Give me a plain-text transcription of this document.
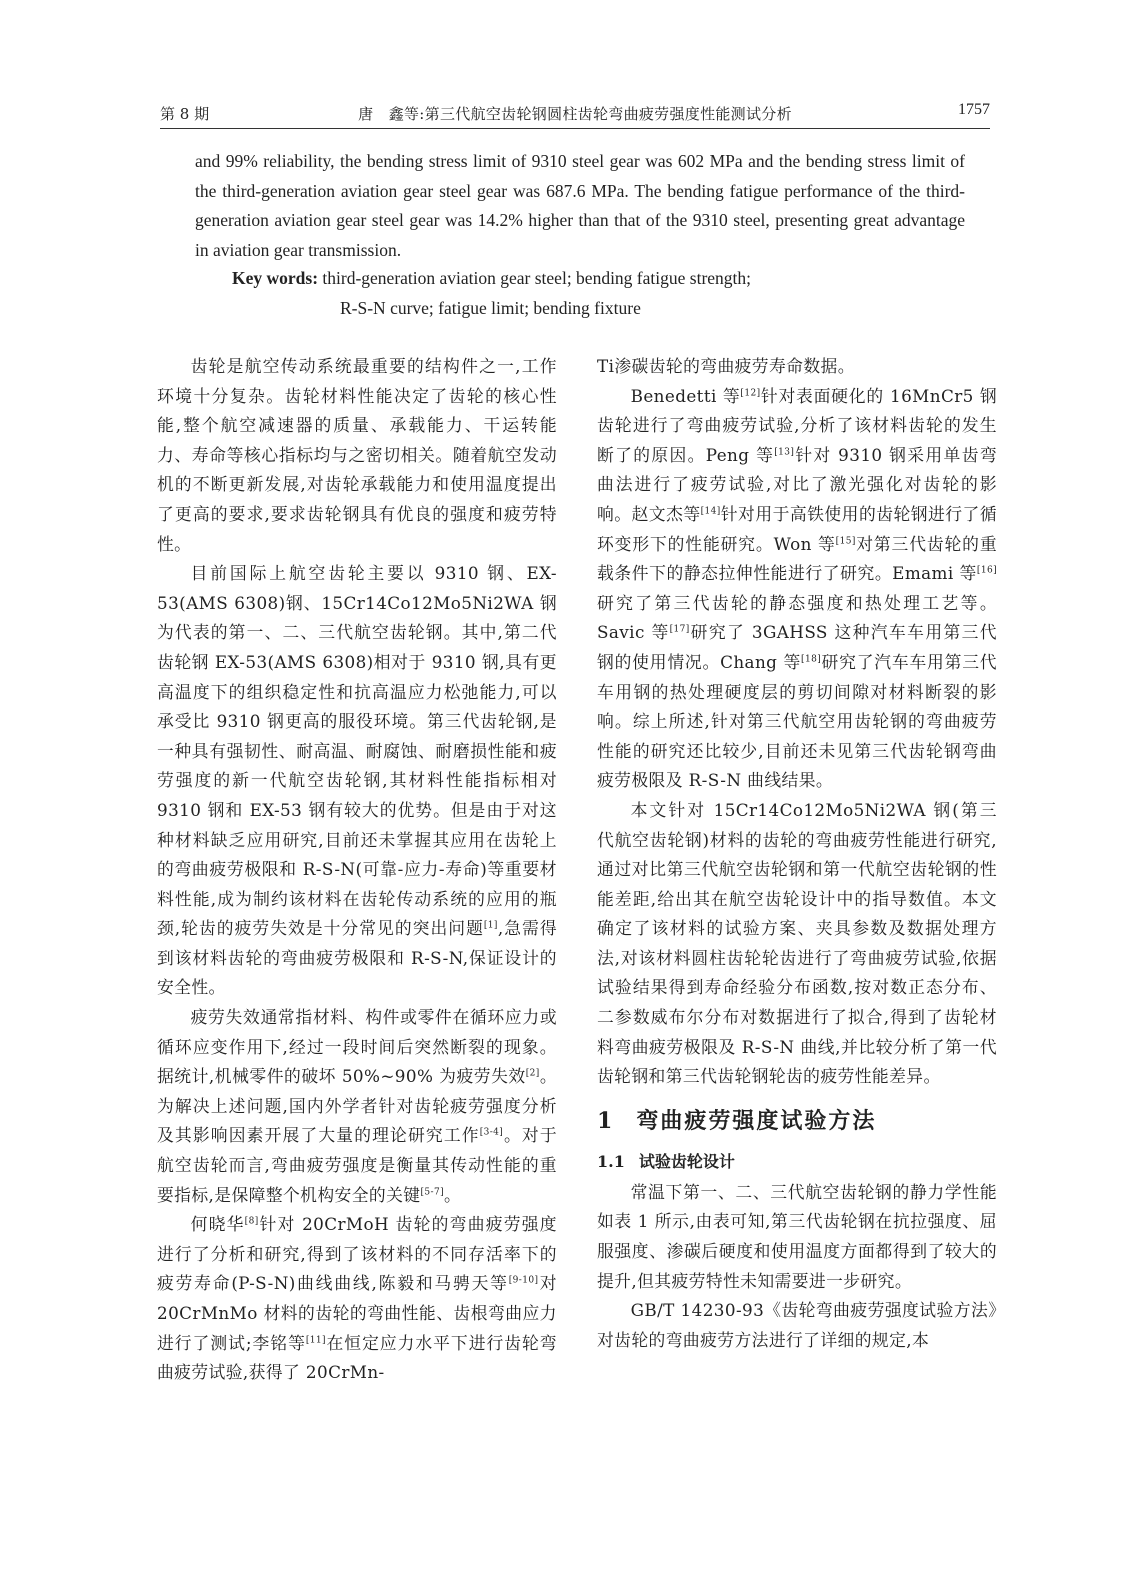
第 8 期	唐　鑫等:第三代航空齿轮钢圆柱齿轮弯曲疲劳强度性能测试分析	1757

and 99% reliability, the bending stress limit of 9310 steel gear was 602 MPa and the bending stress limit of the third-generation aviation gear steel gear was 687.6 MPa. The bending fatigue performance of the third-generation aviation gear steel gear was 14.2% higher than that of the 9310 steel, presenting great advantage in aviation gear transmission.

Key words: third-generation aviation gear steel; bending fatigue strength;
R-S-N curve; fatigue limit; bending fixture

齿轮是航空传动系统最重要的结构件之一,工作环境十分复杂。齿轮材料性能决定了齿轮的核心性能,整个航空减速器的质量、承载能力、干运转能力、寿命等核心指标均与之密切相关。随着航空发动机的不断更新发展,对齿轮承载能力和使用温度提出了更高的要求,要求齿轮钢具有优良的强度和疲劳特性。

目前国际上航空齿轮主要以 9310 钢、EX-53(AMS 6308)钢、15Cr14Co12Mo5Ni2WA 钢为代表的第一、二、三代航空齿轮钢。其中,第二代齿轮钢 EX-53(AMS 6308)相对于 9310 钢,具有更高温度下的组织稳定性和抗高温应力松弛能力,可以承受比 9310 钢更高的服役环境。第三代齿轮钢,是一种具有强韧性、耐高温、耐腐蚀、耐磨损性能和疲劳强度的新一代航空齿轮钢,其材料性能指标相对 9310 钢和 EX-53 钢有较大的优势。但是由于对这种材料缺乏应用研究,目前还未掌握其应用在齿轮上的弯曲疲劳极限和 R-S-N(可靠-应力-寿命)等重要材料性能,成为制约该材料在齿轮传动系统的应用的瓶颈,轮齿的疲劳失效是十分常见的突出问题[1],急需得到该材料齿轮的弯曲疲劳极限和 R-S-N,保证设计的安全性。

疲劳失效通常指材料、构件或零件在循环应力或循环应变作用下,经过一段时间后突然断裂的现象。据统计,机械零件的破坏 50%~90% 为疲劳失效[2]。为解决上述问题,国内外学者针对齿轮疲劳强度分析及其影响因素开展了大量的理论研究工作[3-4]。对于航空齿轮而言,弯曲疲劳强度是衡量其传动性能的重要指标,是保障整个机构安全的关键[5-7]。

何晓华[8]针对 20CrMoH 齿轮的弯曲疲劳强度进行了分析和研究,得到了该材料的不同存活率下的疲劳寿命(P-S-N)曲线曲线,陈毅和马骋天等[9-10]对 20CrMnMo 材料的齿轮的弯曲性能、齿根弯曲应力进行了测试;李铭等[11]在恒定应力水平下进行齿轮弯曲疲劳试验,获得了 20CrMn-

Ti渗碳齿轮的弯曲疲劳寿命数据。

Benedetti 等[12]针对表面硬化的 16MnCr5 钢齿轮进行了弯曲疲劳试验,分析了该材料齿轮的发生断了的原因。Peng 等[13]针对 9310 钢采用单齿弯曲法进行了疲劳试验,对比了激光强化对齿轮的影响。赵文杰等[14]针对用于高铁使用的齿轮钢进行了循环变形下的性能研究。Won 等[15]对第三代齿轮的重载条件下的静态拉伸性能进行了研究。Emami 等[16]研究了第三代齿轮的静态强度和热处理工艺等。Savic 等[17]研究了 3GAHSS 这种汽车车用第三代钢的使用情况。Chang 等[18]研究了汽车车用第三代车用钢的热处理硬度层的剪切间隙对材料断裂的影响。综上所述,针对第三代航空用齿轮钢的弯曲疲劳性能的研究还比较少,目前还未见第三代齿轮钢弯曲疲劳极限及 R-S-N 曲线结果。

本文针对 15Cr14Co12Mo5Ni2WA 钢(第三代航空齿轮钢)材料的齿轮的弯曲疲劳性能进行研究,通过对比第三代航空齿轮钢和第一代航空齿轮钢的性能差距,给出其在航空齿轮设计中的指导数值。本文确定了该材料的试验方案、夹具参数及数据处理方法,对该材料圆柱齿轮轮齿进行了弯曲疲劳试验,依据试验结果得到寿命经验分布函数,按对数正态分布、二参数威布尔分布对数据进行了拟合,得到了齿轮材料弯曲疲劳极限及 R-S-N 曲线,并比较分析了第一代齿轮钢和第三代齿轮钢轮齿的疲劳性能差异。

1 弯曲疲劳强度试验方法
1.1 试验齿轮设计

常温下第一、二、三代航空齿轮钢的静力学性能如表 1 所示,由表可知,第三代齿轮钢在抗拉强度、屈服强度、渗碳后硬度和使用温度方面都得到了较大的提升,但其疲劳特性未知需要进一步研究。

GB/T 14230-93《齿轮弯曲疲劳强度试验方法》对齿轮的弯曲疲劳方法进行了详细的规定,本
